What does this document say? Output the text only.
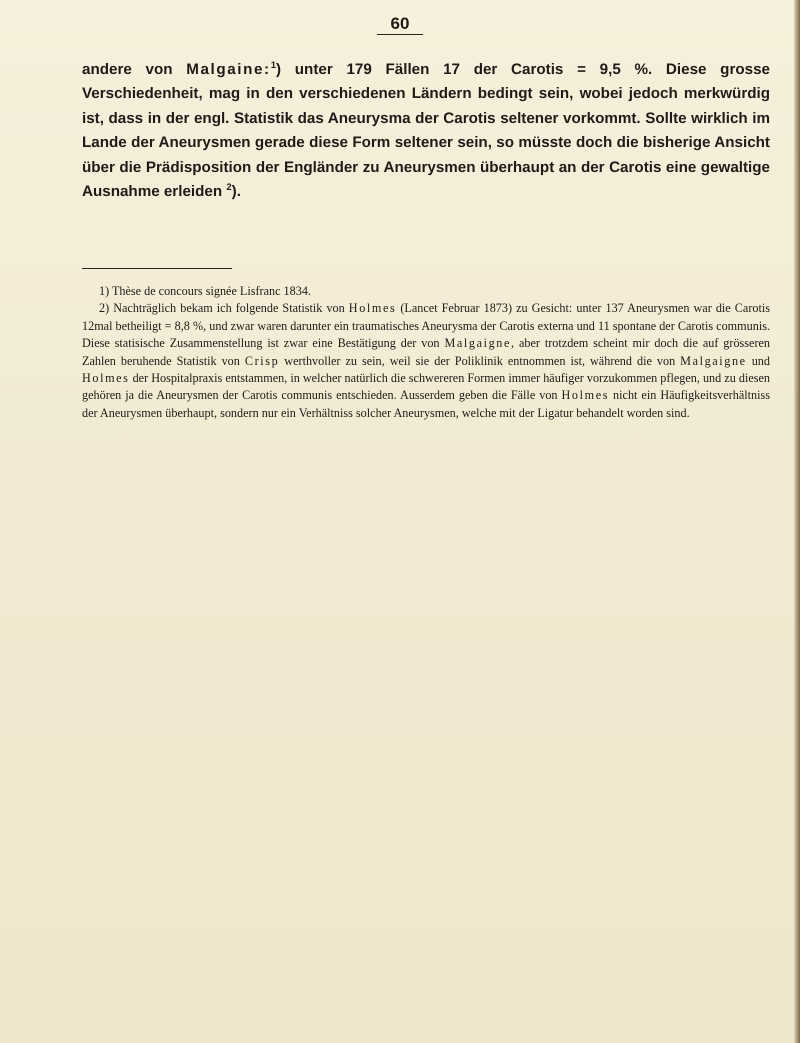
60
andere von Malgaine:$^1$) unter 179 Fällen 17 der Carotis = 9,5 %. Diese grosse Verschiedenheit, mag in den verschiedenen Ländern bedingt sein, wobei jedoch merkwürdig ist, dass in der engl. Statistik das Aneurysma der Carotis seltener vorkommt. Sollte wirklich im Lande der Aneurysmen gerade diese Form seltener sein, so müsste doch die bisherige Ansicht über die Prädisposition der Engländer zu Aneurysmen überhaupt an der Carotis eine gewaltige Ausnahme erleiden $^2$).

1) Thèse de concours signée Lisfranc 1834.

2) Nachträglich bekam ich folgende Statistik von Holmes (Lancet Februar 1873) zu Gesicht: unter 137 Aneurysmen war die Carotis 12mal betheiligt = 8,8 %, und zwar waren darunter ein traumatisches Aneurysma der Carotis externa und 11 spontane der Carotis communis. Diese statisische Zusammenstellung ist zwar eine Bestätigung der von Malgaigne, aber trotzdem scheint mir doch die auf grösseren Zahlen beruhende Statistik von Crisp werthvoller zu sein, weil sie der Poliklinik entnommen ist, während die von Malgaigne und Holmes der Hospitalpraxis entstammen, in welcher natürlich die schwereren Formen immer häufiger vorzukommen pflegen, und zu diesen gehören ja die Aneurysmen der Carotis communis entschieden. Ausserdem geben die Fälle von Holmes nicht ein Häufigkeitsverhältniss der Aneurysmen überhaupt, sondern nur ein Verhältniss solcher Aneurysmen, welche mit der Ligatur behandelt worden sind.
